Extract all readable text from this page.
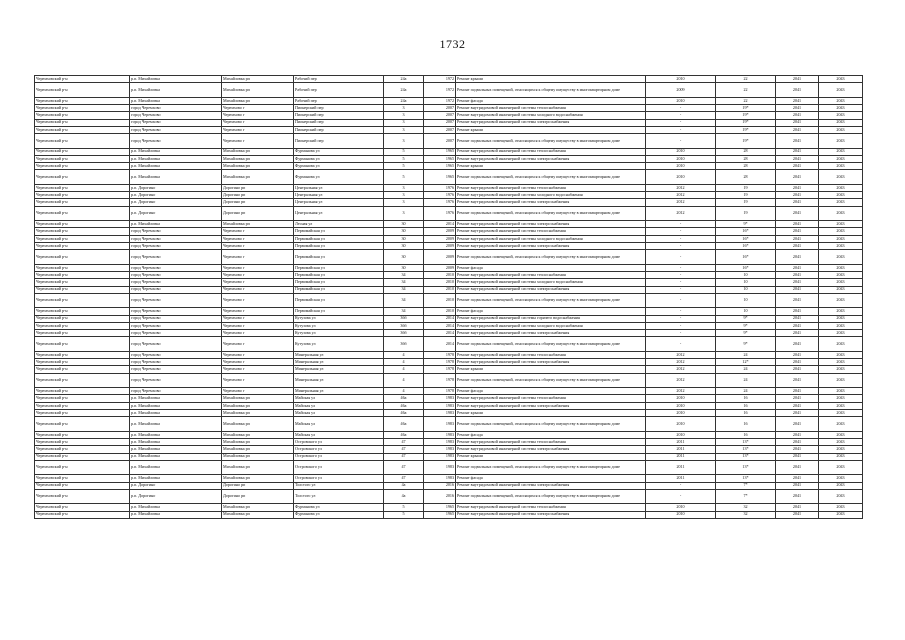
1732
Черемховский р-н	р.п. Михайловка	Михайловка рп	Рабочий пер	24а	1972	Ремонт крыши	2010	22	2041	2043
Черемховский р-н	р.п. Михайловка	Михайловка рп	Рабочий пер	24а	1972	Ремонт подвальных помещений, относящихся к общему имуществу в многоквартирном доме	2009	22	2041	2043
Черемховский р-н	р.п. Михайловка	Михайловка рп	Рабочий пер	24а	1972	Ремонт фасада	2010	22	2041	2043
Черемховский р-н	город Черемхово	Черемхово г	Пионерский пер	3	2007	Ремонт внутридомовой инженерной системы теплоснабжения	-	19*	2041	2043
Черемховский р-н	город Черемхово	Черемхово г	Пионерский пер	3	2007	Ремонт внутридомовой инженерной системы холодного водоснабжения	-	19*	2041	2043
Черемховский р-н	город Черемхово	Черемхово г	Пионерский пер	3	2007	Ремонт внутридомовой инженерной системы электроснабжения	-	19*	2041	2043
Черемховский р-н	город Черемхово	Черемхово г	Пионерский пер	3	2007	Ремонт крыши	-	19*	2041	2043
Черемховский р-н	город Черемхово	Черемхово г	Пионерский пер	3	2007	Ремонт подвальных помещений, относящихся к общему имуществу в многоквартирном доме	-	19*	2041	2043
Черемховский р-н	р.п. Михайловка	Михайловка рп	Фурманова ул	5	1965	Ремонт внутридомовой инженерной системы теплоснабжения	2010	28	2041	2043
Черемховский р-н	р.п. Михайловка	Михайловка рп	Фурманова ул	5	1965	Ремонт внутридомовой инженерной системы электроснабжения	2010	28	2041	2043
Черемховский р-н	р.п. Михайловка	Михайловка рп	Фурманова ул	5	1965	Ремонт крыши	2010	28	2041	2043
Черемховский р-н	р.п. Михайловка	Михайловка рп	Фурманова ул	5	1965	Ремонт подвальных помещений, относящихся к общему имуществу в многоквартирном доме	2010	28	2041	2043
Черемховский р-н	р.п. Дорогино	Дорогино рп	Центральная ул	3	1976	Ремонт внутридомовой инженерной системы теплоснабжения	2012	19	2041	2043
Черемховский р-н	р.п. Дорогино	Дорогино рп	Центральная ул	3	1976	Ремонт внутридомовой инженерной системы холодного водоснабжения	2012	19	2041	2043
Черемховский р-н	р.п. Дорогино	Дорогино рп	Центральная ул	3	1976	Ремонт внутридомовой инженерной системы электроснабжения	2012	19	2041	2043
Черемховский р-н	р.п. Дорогино	Дорогино рп	Центральная ул	3	1976	Ремонт подвальных помещений, относящихся к общему имуществу в многоквартирном доме	2012	19	2041	2043
Черемховский р-н	р.п. Михайловка	Михайловка рп	Лесная ул	30	2014	Ремонт внутридомовой инженерной системы электроснабжения	-	9*	2041	2043
Черемховский р-н	город Черемхово	Черемхово г	Первомайская ул	30	2009	Ремонт внутридомовой инженерной системы теплоснабжения	-	16*	2041	2043
Черемховский р-н	город Черемхово	Черемхово г	Первомайская ул	30	2009	Ремонт внутридомовой инженерной системы холодного водоснабжения	-	16*	2041	2043
Черемховский р-н	город Черемхово	Черемхово г	Первомайская ул	30	2009	Ремонт внутридомовой инженерной системы электроснабжения	-	16*	2041	2043
Черемховский р-н	город Черемхово	Черемхово г	Первомайская ул	30	2009	Ремонт подвальных помещений, относящихся к общему имуществу в многоквартирном доме	-	16*	2041	2043
Черемховский р-н	город Черемхово	Черемхово г	Первомайская ул	30	2009	Ремонт фасада	-	16*	2041	2043
Черемховский р-н	город Черемхово	Черемхово г	Первомайская ул	34	2010	Ремонт внутридомовой инженерной системы теплоснабжения	-	10	2041	2043
Черемховский р-н	город Черемхово	Черемхово г	Первомайская ул	34	2010	Ремонт внутридомовой инженерной системы холодного водоснабжения	-	10	2041	2043
Черемховский р-н	город Черемхово	Черемхово г	Первомайская ул	34	2010	Ремонт внутридомовой инженерной системы электроснабжения	-	10	2041	2043
Черемховский р-н	город Черемхово	Черемхово г	Первомайская ул	34	2010	Ремонт подвальных помещений, относящихся к общему имуществу в многоквартирном доме	-	10	2041	2043
Черемховский р-н	город Черемхово	Черемхово г	Первомайская ул	34	2010	Ремонт фасада	-	10	2041	2043
Черемховский р-н	город Черемхово	Черемхово г	Кутузова ул	36б	2014	Ремонт внутридомовой инженерной системы горячего водоснабжения	-	9*	2041	2043
Черемховский р-н	город Черемхово	Черемхово г	Кутузова ул	36б	2014	Ремонт внутридомовой инженерной системы холодного водоснабжения	-	9*	2041	2043
Черемховский р-н	город Черемхово	Черемхово г	Кутузова ул	36б	2014	Ремонт внутридомовой инженерной системы электроснабжения	-	9*	2041	2043
Черемховский р-н	город Черемхово	Черемхово г	Кутузова ул	36б	2014	Ремонт подвальных помещений, относящихся к общему имуществу в многоквартирном доме	-	9*	2041	2043
Черемховский р-н	город Черемхово	Черемхово г	Минеральная ул	4	1978	Ремонт внутридомовой инженерной системы теплоснабжения	2012	24	2041	2043
Черемховский р-н	город Черемхово	Черемхово г	Минеральная ул	4	1978	Ремонт внутридомовой инженерной системы электроснабжения	2012	12*	2041	2043
Черемховский р-н	город Черемхово	Черемхово г	Минеральная ул	4	1978	Ремонт крыши	2012	24	2041	2043
Черемховский р-н	город Черемхово	Черемхово г	Минеральная ул	4	1978	Ремонт подвальных помещений, относящихся к общему имуществу в многоквартирном доме	2012	24	2041	2043
Черемховский р-н	город Черемхово	Черемхово г	Минеральная ул	4	1978	Ремонт фасада	2012	24	2041	2043
Черемховский р-н	р.п. Михайловка	Михайловка рп	Майская ул	46а	1983	Ремонт внутридомовой инженерной системы теплоснабжения	2010	16	2041	2043
Черемховский р-н	р.п. Михайловка	Михайловка рп	Майская ул	46а	1983	Ремонт внутридомовой инженерной системы электроснабжения	2010	16	2041	2043
Черемховский р-н	р.п. Михайловка	Михайловка рп	Майская ул	46а	1983	Ремонт крыши	2010	16	2041	2043
Черемховский р-н	р.п. Михайловка	Михайловка рп	Майская ул	46а	1983	Ремонт подвальных помещений, относящихся к общему имуществу в многоквартирном доме	2010	16	2041	2043
Черемховский р-н	р.п. Михайловка	Михайловка рп	Майская ул	46а	1983	Ремонт фасада	2010	16	2041	2043
Черемховский р-н	р.п. Михайловка	Михайловка рп	Островского ул	47	1983	Ремонт внутридомовой инженерной системы теплоснабжения	2011	13*	2041	2043
Черемховский р-н	р.п. Михайловка	Михайловка рп	Островского ул	47	1983	Ремонт внутридомовой инженерной системы электроснабжения	2011	13*	2041	2043
Черемховский р-н	р.п. Михайловка	Михайловка рп	Островского ул	47	1983	Ремонт крыши	2011	13*	2041	2043
Черемховский р-н	р.п. Михайловка	Михайловка рп	Островского ул	47	1983	Ремонт подвальных помещений, относящихся к общему имуществу в многоквартирном доме	2011	13*	2041	2043
Черемховский р-н	р.п. Михайловка	Михайловка рп	Островского ул	47	1983	Ремонт фасада	2011	13*	2041	2043
Черемховский р-н	р.п. Дорогино	Дорогино рп	Толстого ул	4а	2016	Ремонт внутридомовой инженерной системы электроснабжения	-	7*	2041	2043
Черемховский р-н	р.п. Дорогино	Дорогино рп	Толстого ул	4а	2016	Ремонт подвальных помещений, относящихся к общему имуществу в многоквартирном доме	-	7*	2041	2043
Черемховский р-н	р.п. Михайловка	Михайловка рп	Фурманова ул	5	1965	Ремонт внутридомовой инженерной системы теплоснабжения	2010	32	2041	2043
Черемховский р-н	р.п. Михайловка	Михайловка рп	Фурманова ул	5	1965	Ремонт внутридомовой инженерной системы электроснабжения	2010	32	2041	2043
